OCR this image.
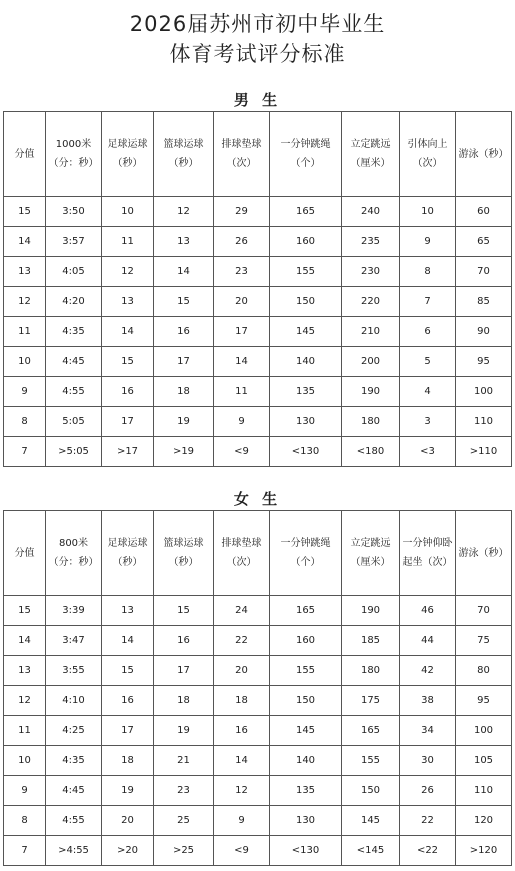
2026届苏州市初中毕业生
体育考试评分标准
男 生
分值	1000米（分：秒）	足球运球（秒）	篮球运球（秒）	排球垫球（次）	一分钟跳绳（个）	立定跳远（厘米）	引体向上（次）	游泳（秒）

15	3:50	10	12	29	165	240	10	60
14	3:57	11	13	26	160	235	9	65
13	4:05	12	14	23	155	230	8	70
12	4:20	13	15	20	150	220	7	85
11	4:35	14	16	17	145	210	6	90
10	4:45	15	17	14	140	200	5	95
9	4:55	16	18	11	135	190	4	100
8	5:05	17	19	9	130	180	3	110
7	>5:05	>17	>19	<9	<130	<180	<3	>110
女 生
分值	800米（分：秒）	足球运球（秒）	篮球运球（秒）	排球垫球（次）	一分钟跳绳（个）	立定跳远（厘米）	一分钟仰卧起坐（次）	游泳（秒）

15	3:39	13	15	24	165	190	46	70
14	3:47	14	16	22	160	185	44	75
13	3:55	15	17	20	155	180	42	80
12	4:10	16	18	18	150	175	38	95
11	4:25	17	19	16	145	165	34	100
10	4:35	18	21	14	140	155	30	105
9	4:45	19	23	12	135	150	26	110
8	4:55	20	25	9	130	145	22	120
7	>4:55	>20	>25	<9	<130	<145	<22	>120
